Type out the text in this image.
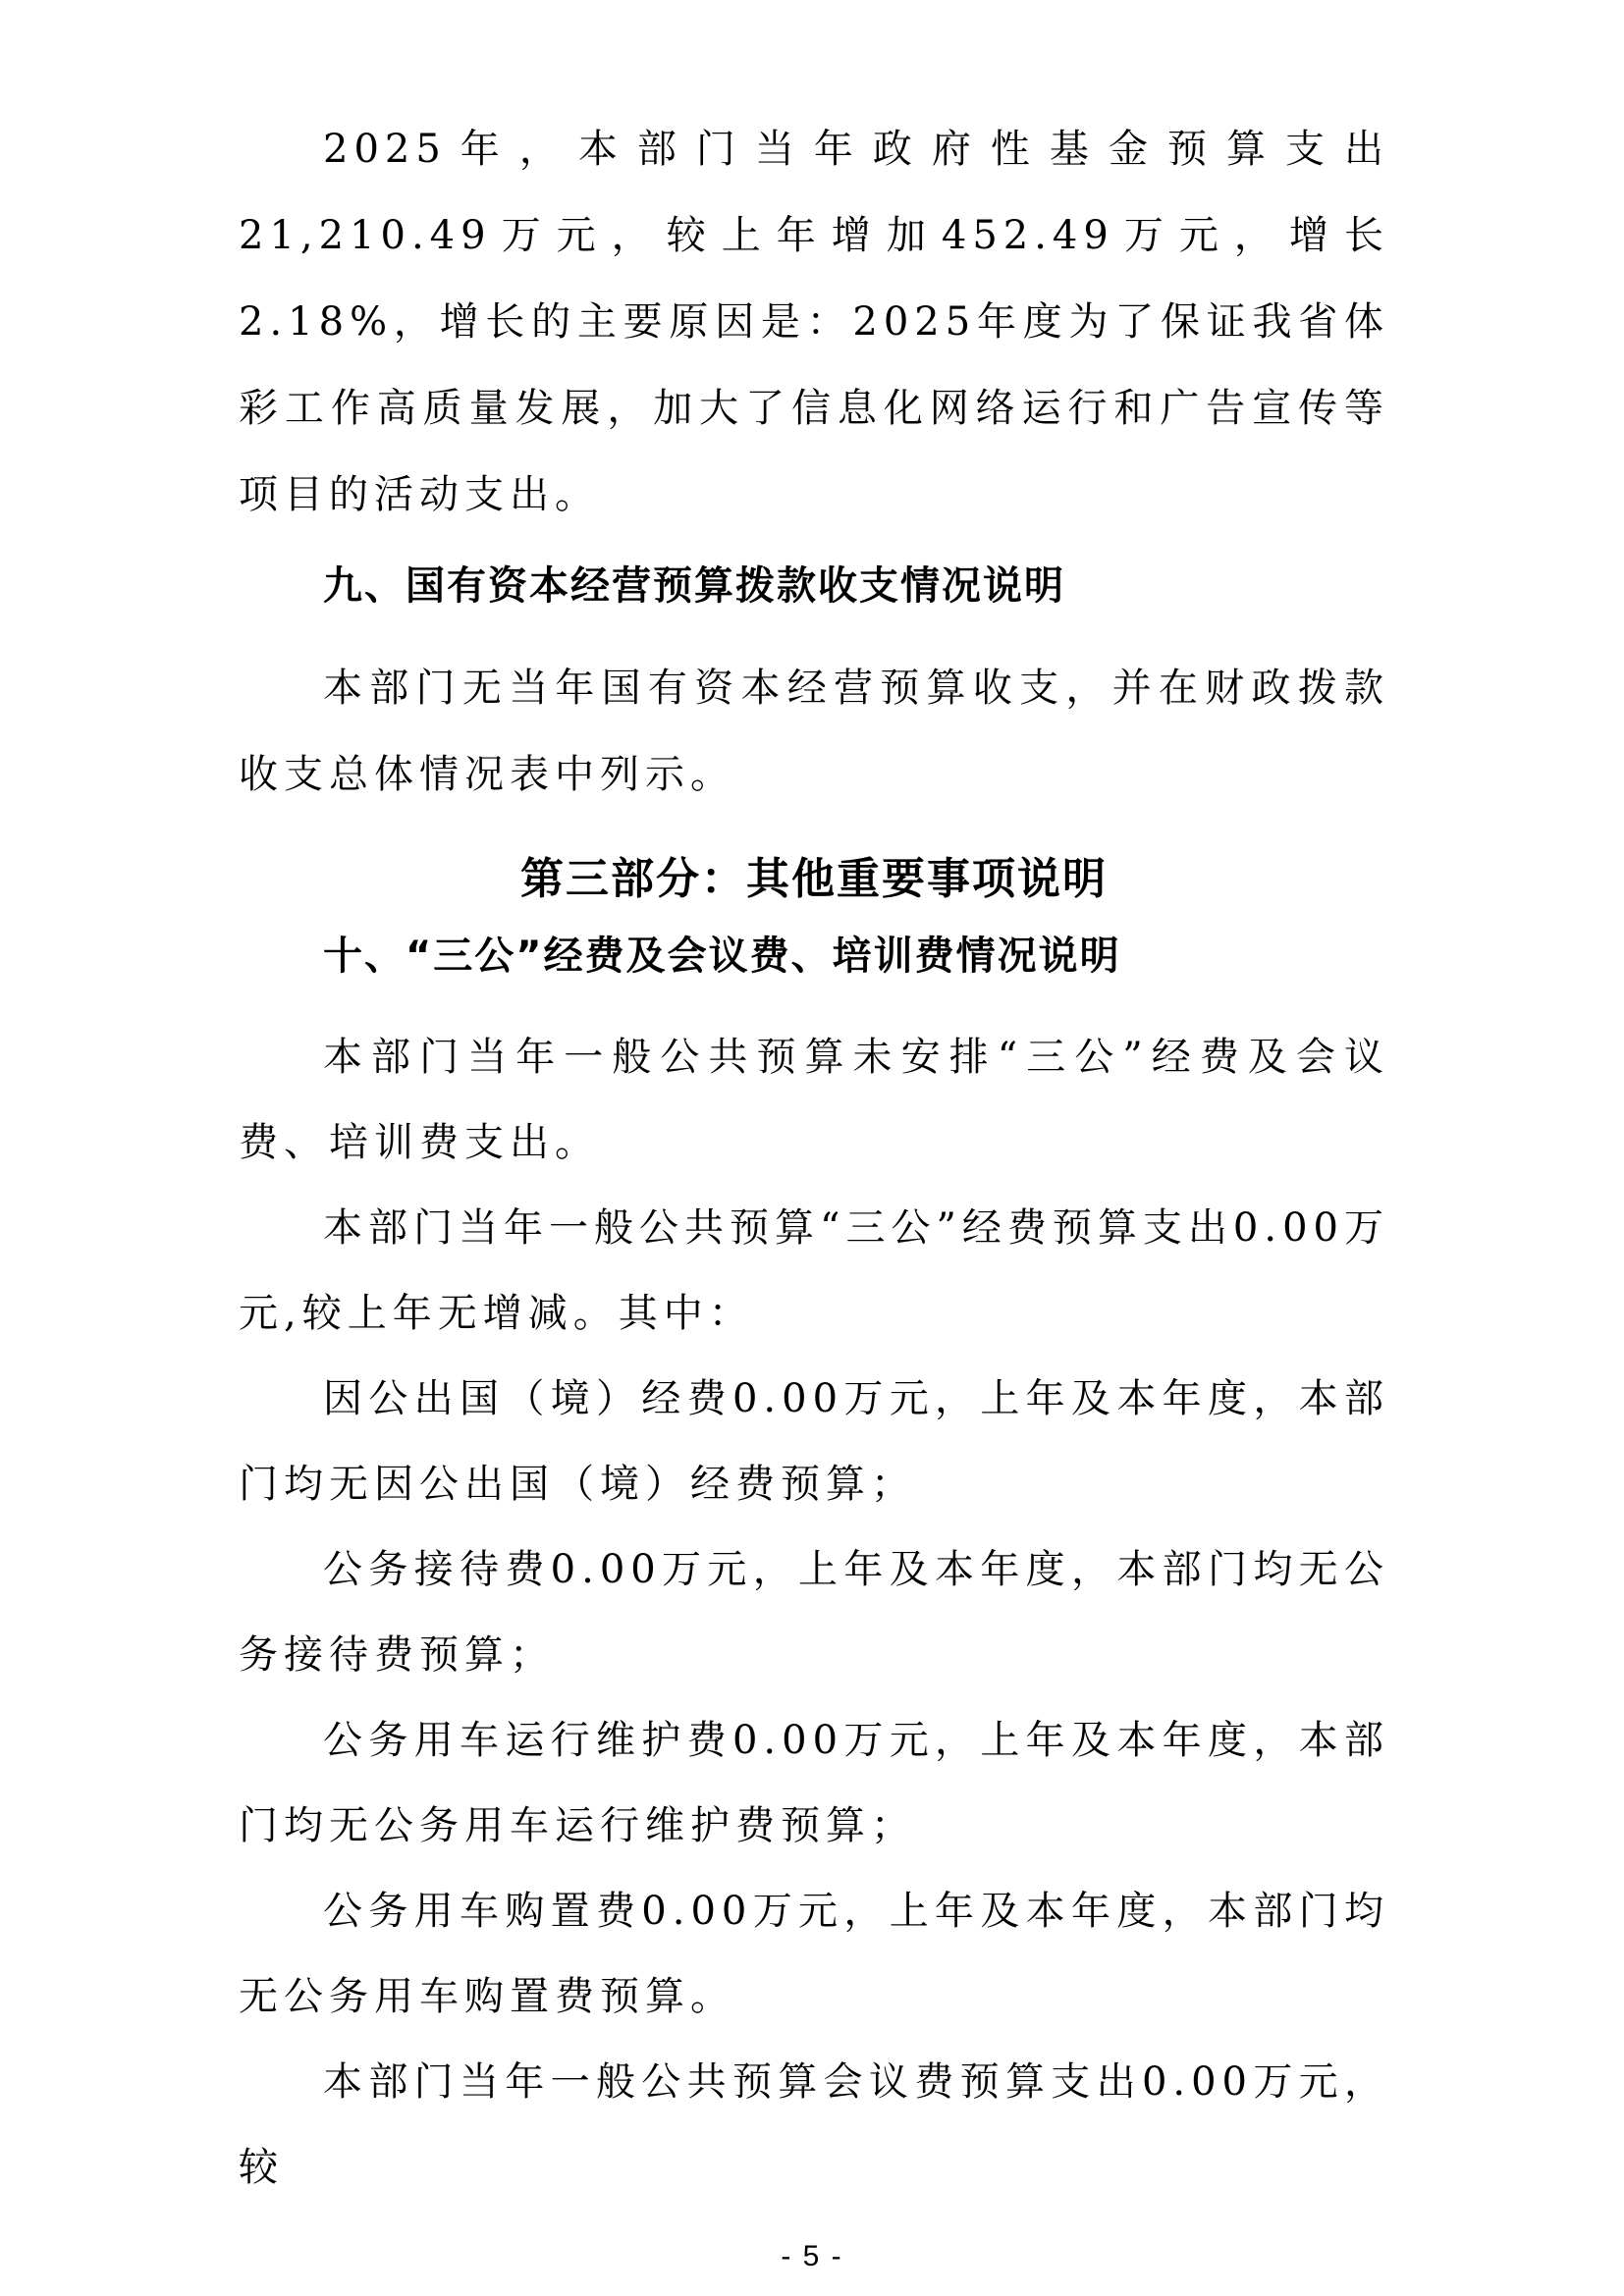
2025年，本部门当年政府性基金预算支出21,210.49万元，较上年增加452.49万元，增长2.18%，增长的主要原因是：2025年度为了保证我省体彩工作高质量发展，加大了信息化网络运行和广告宣传等项目的活动支出。

九、国有资本经营预算拨款收支情况说明

本部门无当年国有资本经营预算收支，并在财政拨款收支总体情况表中列示。

第三部分：其他重要事项说明

十、“三公”经费及会议费、培训费情况说明

本部门当年一般公共预算未安排“三公”经费及会议费、培训费支出。

本部门当年一般公共预算“三公”经费预算支出0.00万元,较上年无增减。其中：

因公出国（境）经费0.00万元，上年及本年度，本部门均无因公出国（境）经费预算；

公务接待费0.00万元，上年及本年度，本部门均无公务接待费预算；

公务用车运行维护费0.00万元，上年及本年度，本部门均无公务用车运行维护费预算；

公务用车购置费0.00万元，上年及本年度，本部门均无公务用车购置费预算。

本部门当年一般公共预算会议费预算支出0.00万元，较

- 5 -
